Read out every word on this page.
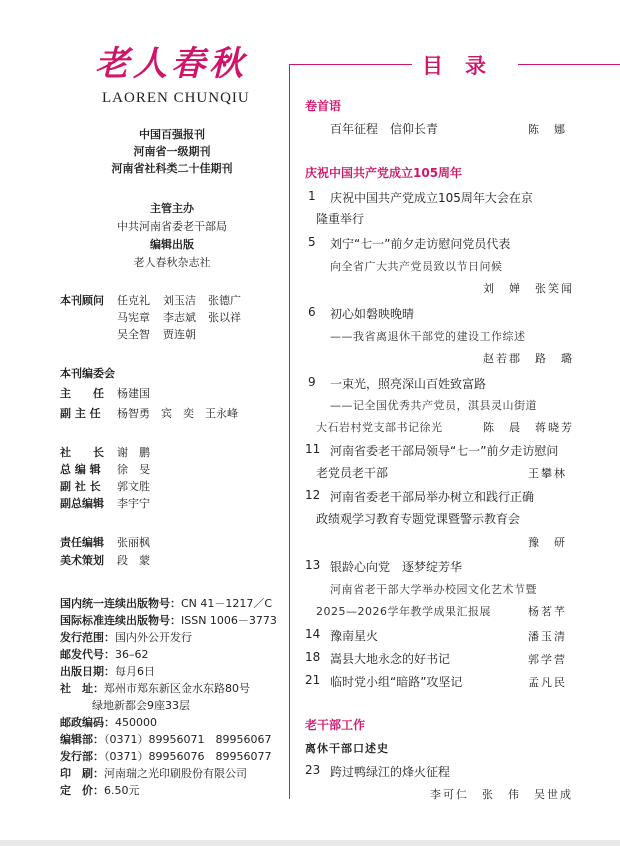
老人春秋
LAOREN CHUNQIU
中国百强报刊
河南省一级期刊
河南省社科类二十佳期刊
主管主办
中共河南省委老干部局
编辑出版
老人春秋杂志社
本刊顾问 任克礼 刘玉洁 张德广
马宪章 李志斌 张以祥
吴全智 贾连朝
本刊编委会
主　　任 杨建国
副 主 任 杨智勇　宾　奕　王永峰
社　　长 谢　鹏
总 编 辑 徐　旻
副 社 长 郭文胜
副总编辑 李宇宁
责任编辑 张丽枫
美术策划 段　蒙
国内统一连续出版物号：CN 41－1217／C
国际标准连续出版物号：ISSN 1006－3773
发行范围：国内外公开发行
邮发代号：36–62
出版日期：每月6日
社　址：郑州市郑东新区金水东路80号
绿地新都会9座33层
邮政编码：450000
编辑部：（0371）89956071　89956067
发行部：（0371）89956076　89956077
印　刷：河南瑞之光印刷股份有限公司
定　价：6.50元
目录
卷首语
百年征程　信仰长青	陈　娜
庆祝中国共产党成立105周年
1 庆祝中国共产党成立105周年大会在京
隆重举行
5 刘宁“七一”前夕走访慰问党员代表
向全省广大共产党员致以节日问候
刘　婵　张笑闻
6 初心如磐映晚晴
——我省离退休干部党的建设工作综述
赵若郡　路　璐
9 一束光，照亮深山百姓致富路
——记全国优秀共产党员，淇县灵山街道
大石岩村党支部书记徐光	陈　晨　蒋晓芳
11 河南省委老干部局领导“七一”前夕走访慰问
老党员老干部	王攀林
12 河南省委老干部局举办树立和践行正确
政绩观学习教育专题党课暨警示教育会
豫　研
13 银龄心向党　逐梦绽芳华
河南省老干部大学举办校园文化艺术节暨
2025—2026学年教学成果汇报展	杨茗芊
14 豫南星火	潘玉清
18 嵩县大地永念的好书记	郭学营
21 临时党小组“暗路”攻坚记	孟凡民
老干部工作
离休干部口述史
23 跨过鸭绿江的烽火征程
李可仁　张　伟　吴世成
